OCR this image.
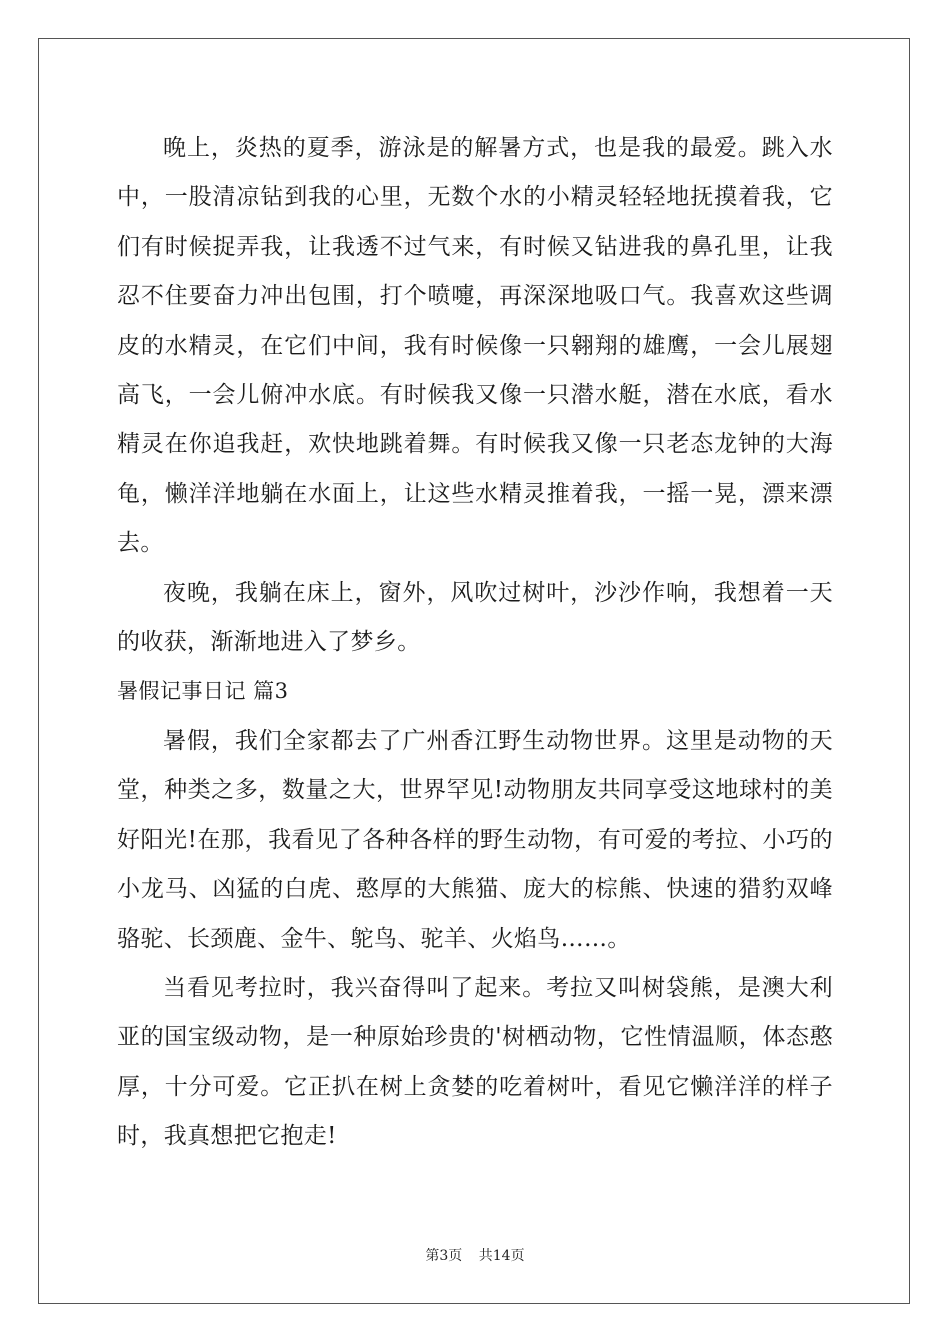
晚上，炎热的夏季，游泳是的解暑方式，也是我的最爱。跳入水中，一股清凉钻到我的心里，无数个水的小精灵轻轻地抚摸着我，它们有时候捉弄我，让我透不过气来，有时候又钻进我的鼻孔里，让我忍不住要奋力冲出包围，打个喷嚏，再深深地吸口气。我喜欢这些调皮的水精灵，在它们中间，我有时候像一只翱翔的雄鹰，一会儿展翅高飞，一会儿俯冲水底。有时候我又像一只潜水艇，潜在水底，看水精灵在你追我赶，欢快地跳着舞。有时候我又像一只老态龙钟的大海龟，懒洋洋地躺在水面上，让这些水精灵推着我，一摇一晃，漂来漂去。

夜晚，我躺在床上，窗外，风吹过树叶，沙沙作响，我想着一天的收获，渐渐地进入了梦乡。

暑假记事日记 篇3

暑假，我们全家都去了广州香江野生动物世界。这里是动物的天堂，种类之多，数量之大，世界罕见!动物朋友共同享受这地球村的美好阳光!在那，我看见了各种各样的野生动物，有可爱的考拉、小巧的小龙马、凶猛的白虎、憨厚的大熊猫、庞大的棕熊、快速的猎豹双峰骆驼、长颈鹿、金牛、鸵鸟、驼羊、火焰鸟……。

当看见考拉时，我兴奋得叫了起来。考拉又叫树袋熊，是澳大利亚的国宝级动物，是一种原始珍贵的'树栖动物，它性情温顺，体态憨厚，十分可爱。它正扒在树上贪婪的吃着树叶，看见它懒洋洋的样子时，我真想把它抱走!

第3页 共14页
